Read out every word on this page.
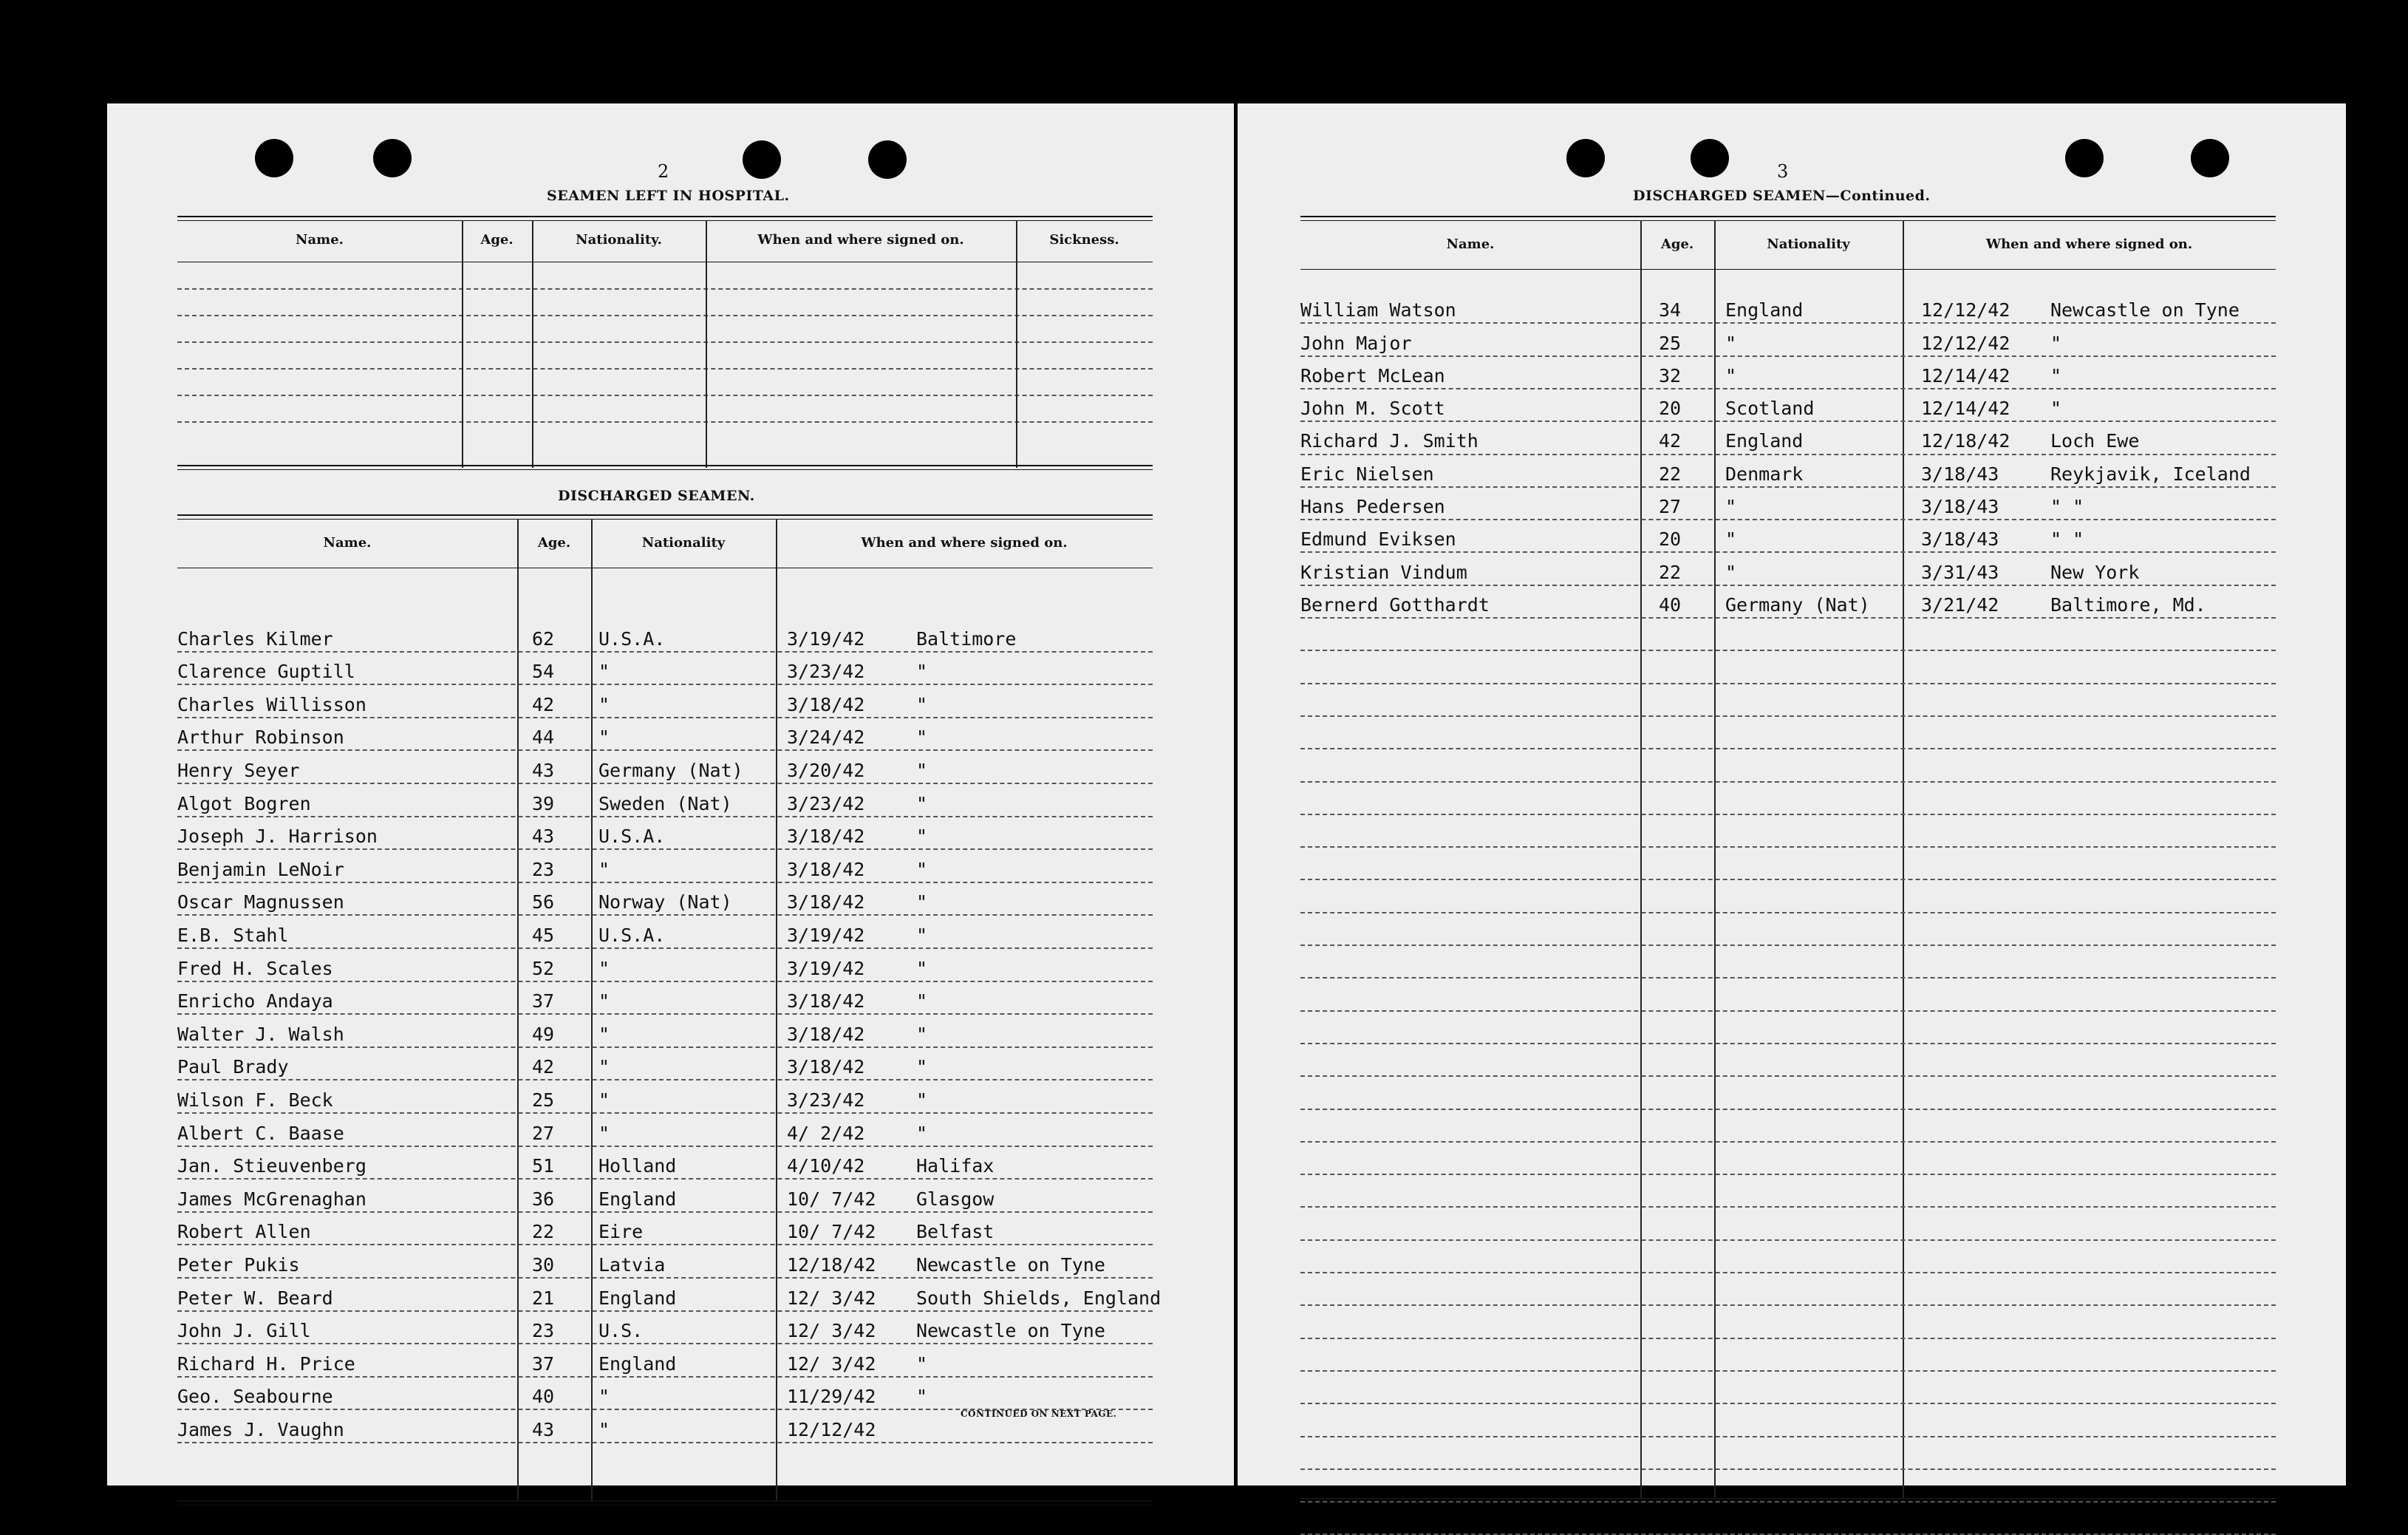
2
SEAMEN LEFT IN HOSPITAL.
Name.	Age.	Nationality.	When and where signed on.	Sickness.
DISCHARGED SEAMEN.
Name.	Age.	Nationality	When and where signed on.
Charles Kilmer	62 U.S.A.	3/19/42	Baltimore
Clarence Guptill	54 "	3/23/42	"
Charles Willisson	42 "	3/18/42	"
Arthur Robinson	44 "	3/24/42	"
Henry Seyer	43 Germany (Nat) 3/20/42	"
Algot Bogren	39 Sweden (Nat)	3/23/42	"
Joseph J. Harrison	43 U.S.A.	3/18/42	"
Benjamin LeNoir	23 "	3/18/42	"
Oscar Magnussen	56 Norway (Nat)	3/18/42	"
E.B. Stahl	45 U.S.A.	3/19/42	"
Fred H. Scales	52 "	3/19/42	"
Enricho Andaya	37 "	3/18/42	"
Walter J. Walsh	49 "	3/18/42	"
Paul Brady	42 "	3/18/42	"
Wilson F. Beck	25 "	3/23/42	"
Albert C. Baase	27 "	4/ 2/42	"
Jan. Stieuvenberg	51 Holland	4/10/42	Halifax
James McGrenaghan	36 England	10/ 7/42 Glasgow
Robert Allen	22 Eire	10/ 7/42 Belfast
Peter Pukis	30 Latvia	12/18/42 Newcastle on Tyne
Peter W. Beard	21 England	12/ 3/42 South Shields, England
John J. Gill	23 U.S.	12/ 3/42 Newcastle on Tyne
Richard H. Price	37 England	12/ 3/42 "
Geo. Seabourne	40 "	11/29/42 "
James J. Vaughn	43 "	12/12/42
CONTINUED ON NEXT PAGE.
3
DISCHARGED SEAMEN—Continued.
Name.	Age.	Nationality	When and where signed on.
William Watson	34 England	12/12/42 Newcastle on Tyne
John Major	25 "	12/12/42 "
Robert McLean	32 "	12/14/42 "
John M. Scott	20 Scotland	12/14/42 "
Richard J. Smith	42 England	12/18/42 Loch Ewe
Eric Nielsen	22 Denmark	3/18/43	Reykjavik, Iceland
Hans Pedersen	27 "	3/18/43	" "
Edmund Eviksen	20 "	3/18/43	" "
Kristian Vindum	22 "	3/31/43	New York
Bernerd Gotthardt	40 Germany (Nat)	3/21/42	Baltimore, Md.
